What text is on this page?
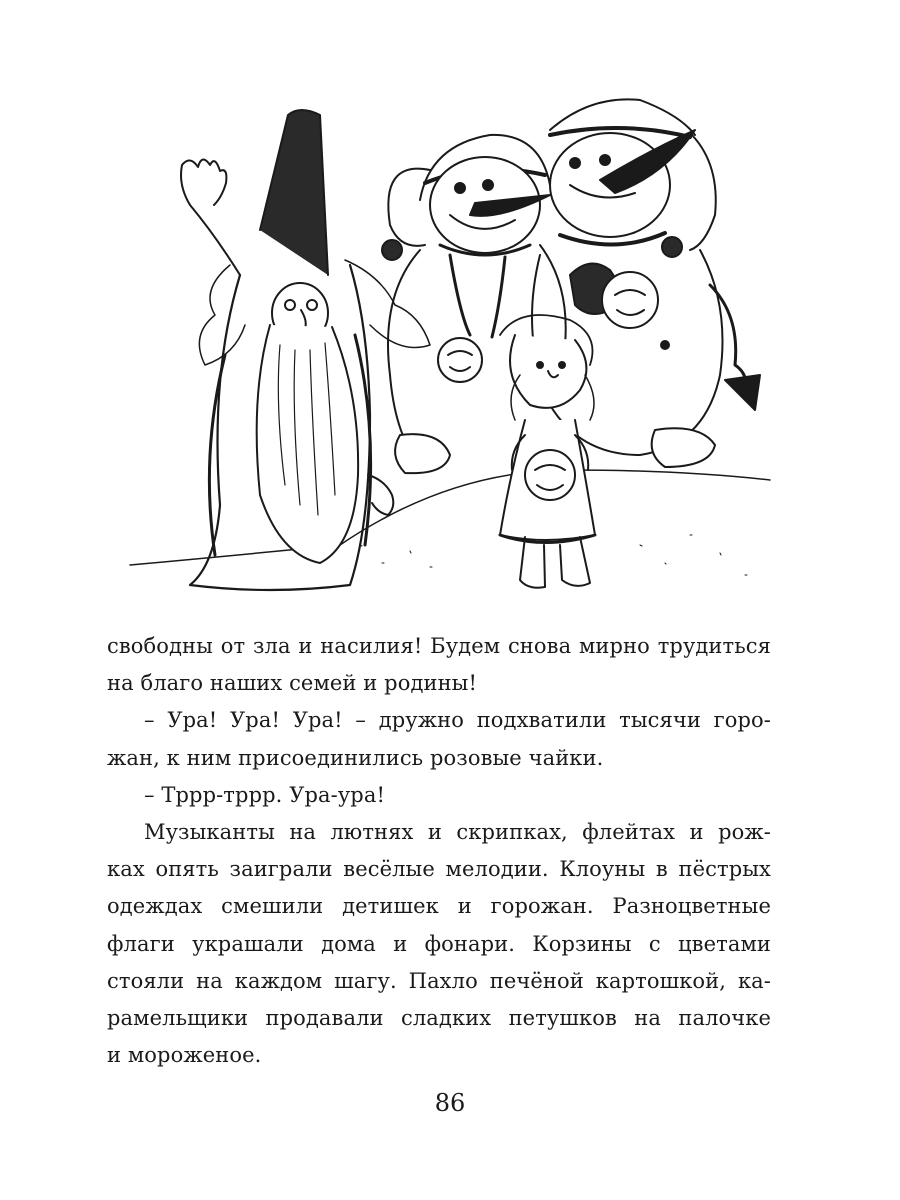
свободны от зла и насилия! Будем снова мирно трудиться
на благо наших семей и родины!
– Ура! Ура! Ура! – дружно подхватили тысячи горо-
жан, к ним присоединились розовые чайки.
– Тррр-тррр. Ура-ура!
Музыканты на лютнях и скрипках, флейтах и рож-
ках опять заиграли весёлые мелодии. Клоуны в пёстрых
одеждах смешили детишек и горожан. Разноцветные
флаги украшали дома и фонари. Корзины с цветами
стояли на каждом шагу. Пахло печёной картошкой, ка-
рамельщики продавали сладких петушков на палочке
и мороженое.
86
